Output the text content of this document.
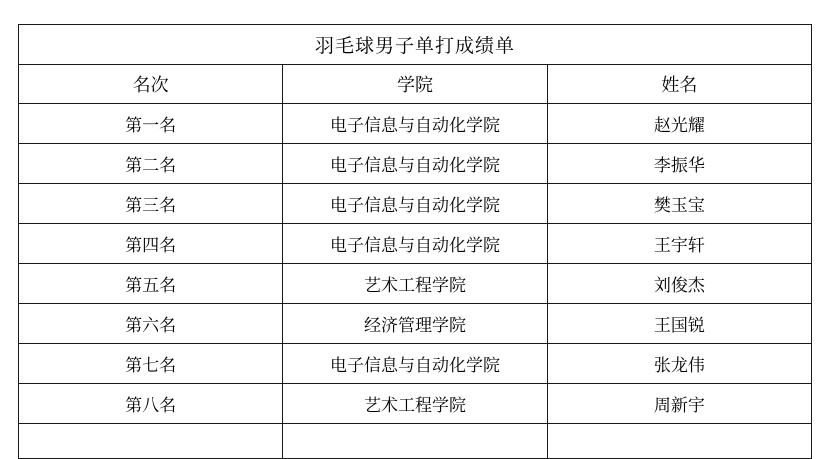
羽毛球男子单打成绩单		
名次	学院	姓名
第一名	电子信息与自动化学院	赵光耀
第二名	电子信息与自动化学院	李振华
第三名	电子信息与自动化学院	樊玉宝
第四名	电子信息与自动化学院	王宇轩
第五名	艺术工程学院	刘俊杰
第六名	经济管理学院	王国锐
第七名	电子信息与自动化学院	张龙伟
第八名	艺术工程学院	周新宇
